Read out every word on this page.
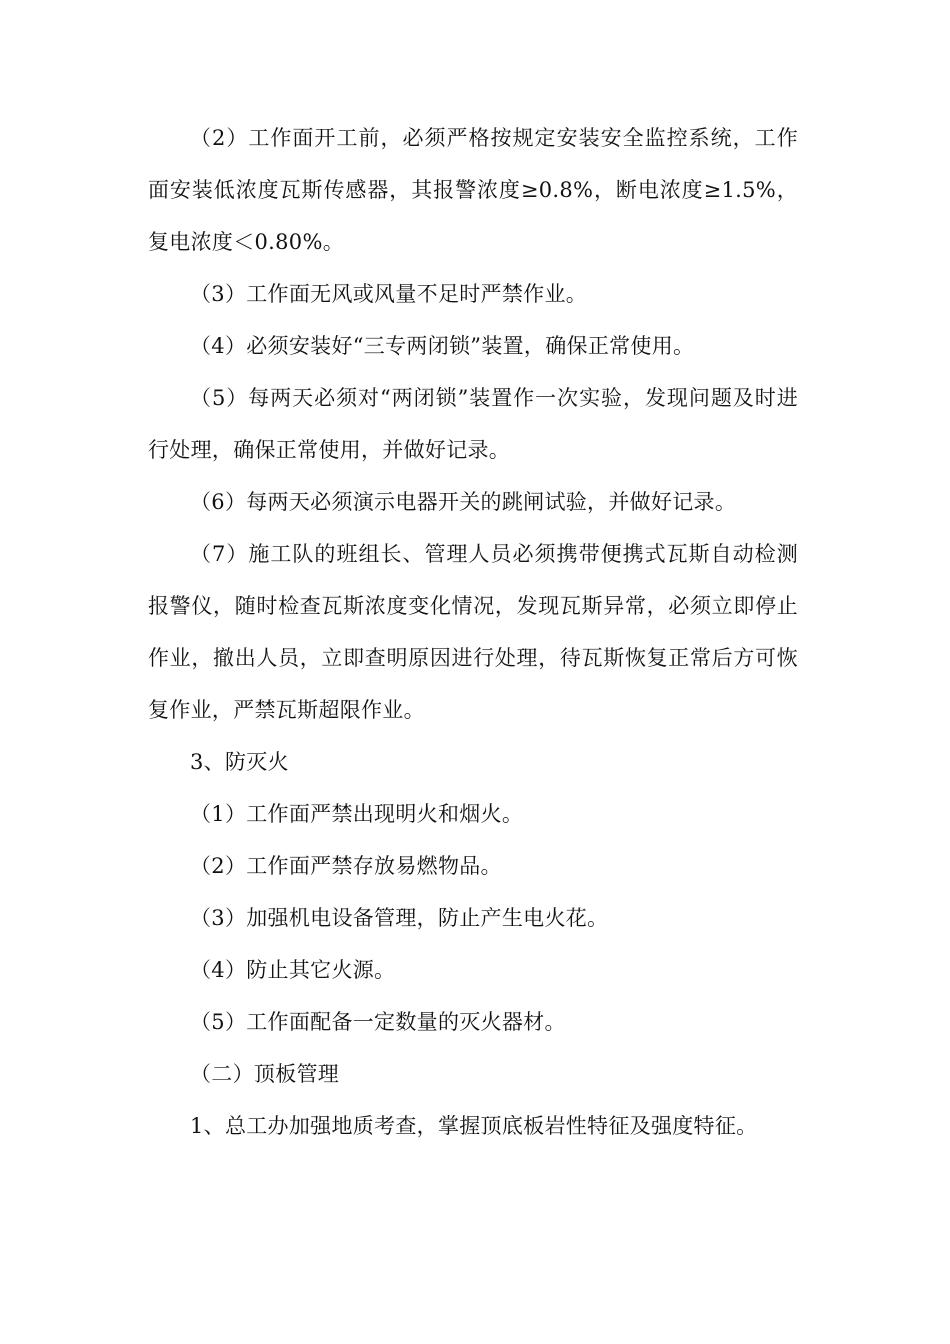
（2）工作面开工前，必须严格按规定安装安全监控系统，工作面安装低浓度瓦斯传感器，其报警浓度≥0.8%，断电浓度≥1.5%，复电浓度＜0.80%。

（3）工作面无风或风量不足时严禁作业。

（4）必须安装好“三专两闭锁”装置，确保正常使用。

（5）每两天必须对“两闭锁”装置作一次实验，发现问题及时进行处理，确保正常使用，并做好记录。

（6）每两天必须演示电器开关的跳闸试验，并做好记录。

（7）施工队的班组长、管理人员必须携带便携式瓦斯自动检测报警仪，随时检查瓦斯浓度变化情况，发现瓦斯异常，必须立即停止作业，撤出人员，立即查明原因进行处理，待瓦斯恢复正常后方可恢复作业，严禁瓦斯超限作业。

3、防灭火

（1）工作面严禁出现明火和烟火。

（2）工作面严禁存放易燃物品。

（3）加强机电设备管理，防止产生电火花。

（4）防止其它火源。

（5）工作面配备一定数量的灭火器材。

（二）顶板管理

1、总工办加强地质考查，掌握顶底板岩性特征及强度特征。
